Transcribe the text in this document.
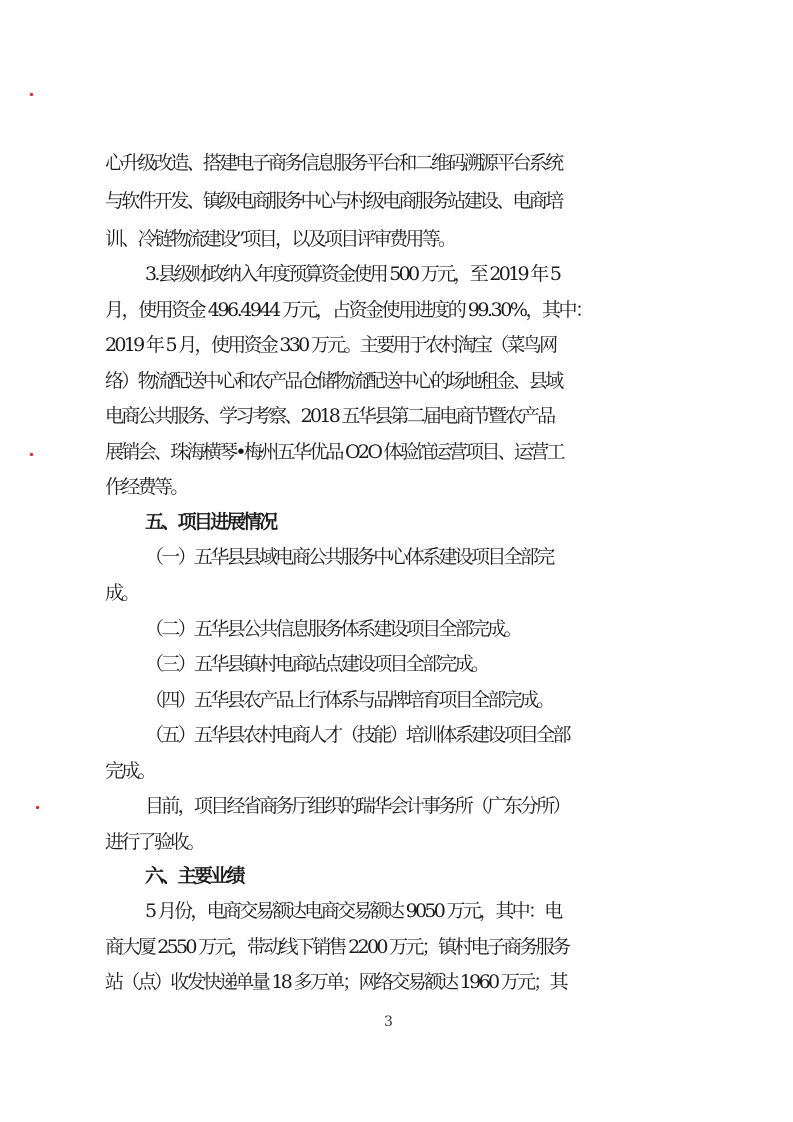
心升级改造、搭建电子商务信息服务平台和二维码溯源平台系统
与软件开发、镇级电商服务中心与村级电商服务站建设、电商培
训、冷链物流建设”项目，以及项目评审费用等。
3.县级财政纳入年度预算资金使用 500 万元，至 2019 年 5
月，使用资金 496.4944 万元，占资金使用进度的 99.30%，其中：
2019 年 5 月，使用资金 330 万元。主要用于农村淘宝（菜鸟网
络）物流配送中心和农产品仓储物流配送中心的场地租金、县域
电商公共服务、学习考察、2018 五华县第二届电商节暨农产品
展销会、珠海横琴•梅州五华优品 O2O 体验馆运营项目、运营工
作经费等。
五、项目进展情况
（一）五华县县域电商公共服务中心体系建设项目全部完
成。
（二）五华县公共信息服务体系建设项目全部完成。
（三）五华县镇村电商站点建设项目全部完成。
（四）五华县农产品上行体系与品牌培育项目全部完成。
（五）五华县农村电商人才（技能）培训体系建设项目全部
完成。
目前，项目经省商务厅组织的瑞华会计事务所（广东分所）
进行了验收。
六、主要业绩
5 月份，电商交易额达电商交易额达 9050 万元，其中：电
商大厦 2550 万元，带动线下销售 2200 万元；镇村电子商务服务
站（点）收发快递单量 18 多万单；网络交易额达 1960 万元；其
3
